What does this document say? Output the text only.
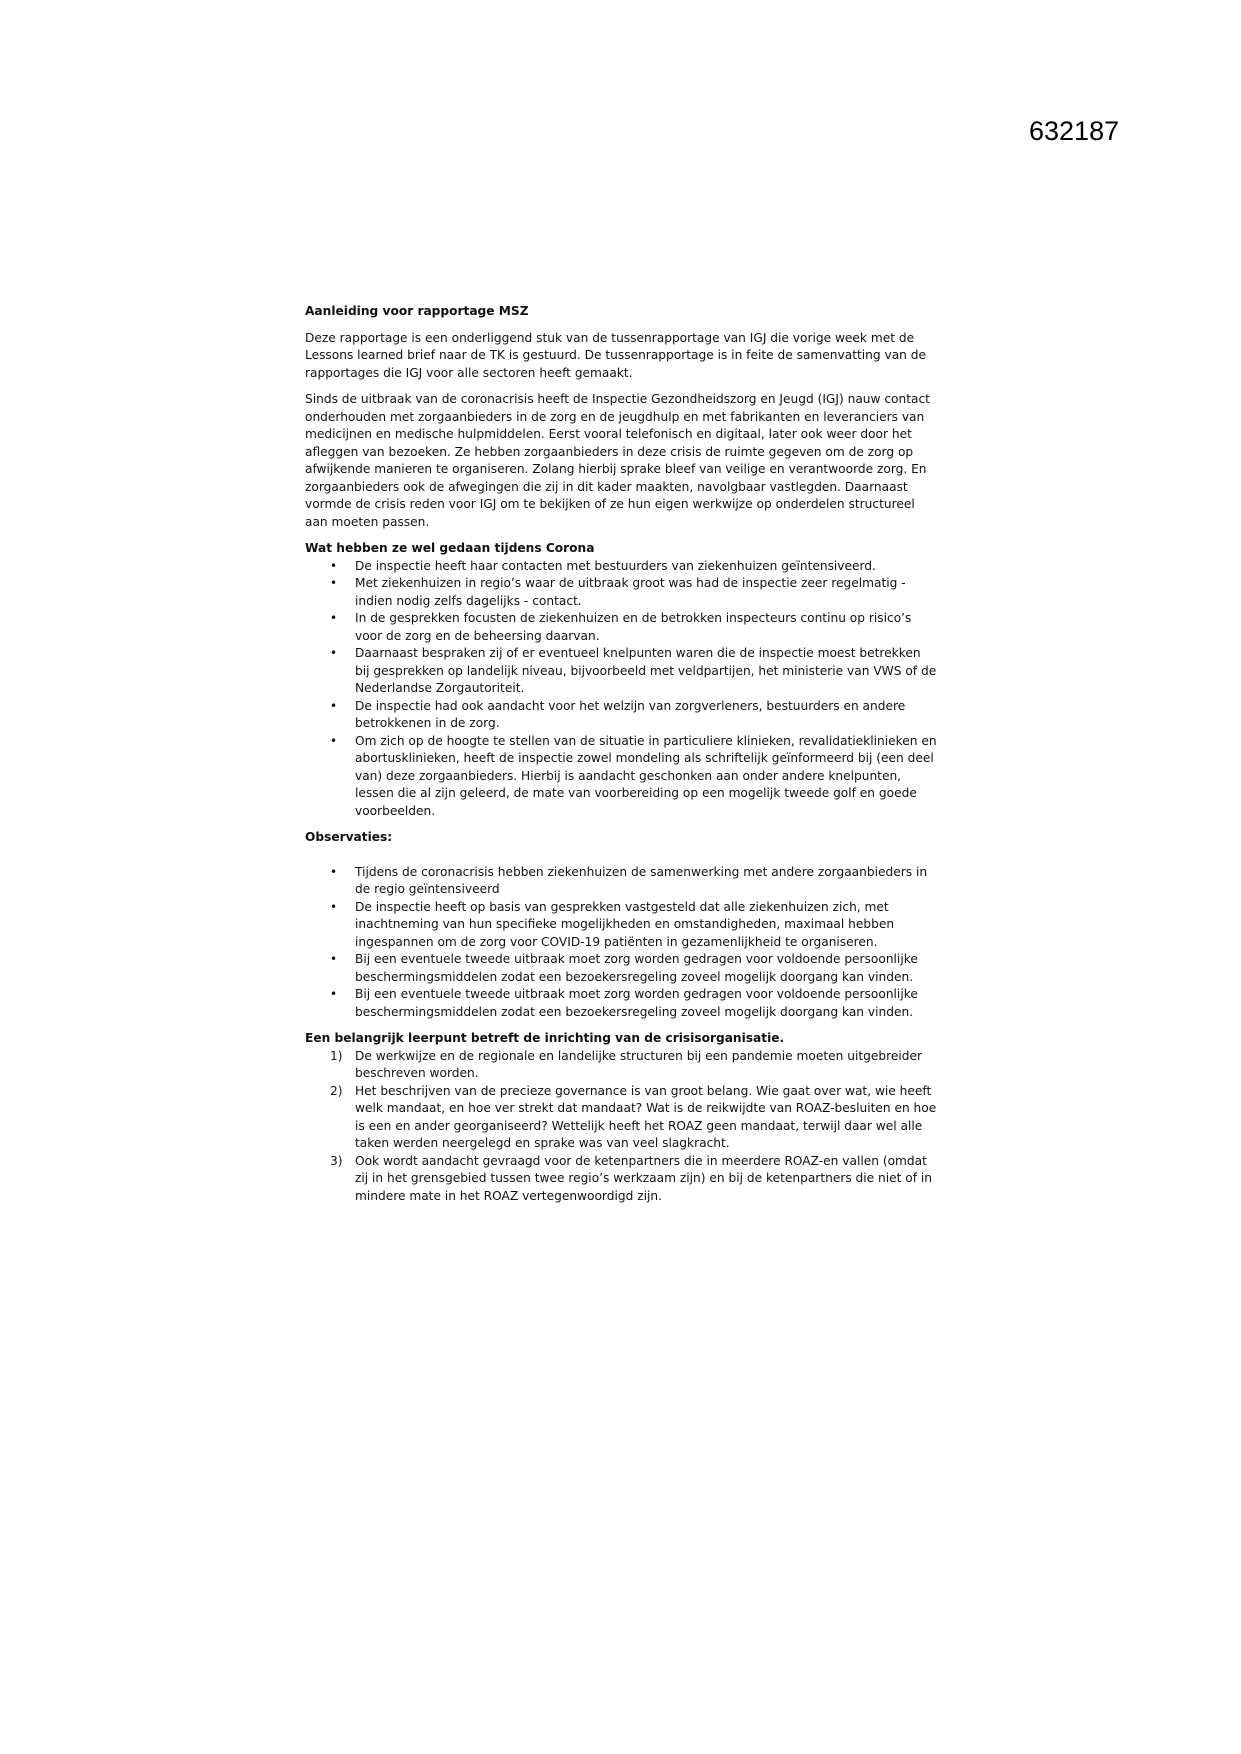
632187

Aanleiding voor rapportage MSZ

Deze rapportage is een onderliggend stuk van de tussenrapportage van IGJ die vorige week met de Lessons learned brief naar de TK is gestuurd. De tussenrapportage is in feite de samenvatting van de rapportages die IGJ voor alle sectoren heeft gemaakt.

Sinds de uitbraak van de coronacrisis heeft de Inspectie Gezondheidszorg en Jeugd (IGJ) nauw contact onderhouden met zorgaanbieders in de zorg en de jeugdhulp en met fabrikanten en leveranciers van medicijnen en medische hulpmiddelen. Eerst vooral telefonisch en digitaal, later ook weer door het afleggen van bezoeken. Ze hebben zorgaanbieders in deze crisis de ruimte gegeven om de zorg op afwijkende manieren te organiseren. Zolang hierbij sprake bleef van veilige en verantwoorde zorg. En zorgaanbieders ook de afwegingen die zij in dit kader maakten, navolgbaar vastlegden. Daarnaast vormde de crisis reden voor IGJ om te bekijken of ze hun eigen werkwijze op onderdelen structureel aan moeten passen.

Wat hebben ze wel gedaan tijdens Corona

• De inspectie heeft haar contacten met bestuurders van ziekenhuizen geïntensiveerd.
• Met ziekenhuizen in regio’s waar de uitbraak groot was had de inspectie zeer regelmatig - indien nodig zelfs dagelijks - contact.
• In de gesprekken focusten de ziekenhuizen en de betrokken inspecteurs continu op risico’s voor de zorg en de beheersing daarvan.
• Daarnaast bespraken zij of er eventueel knelpunten waren die de inspectie moest betrekken bij gesprekken op landelijk niveau, bijvoorbeeld met veldpartijen, het ministerie van VWS of de Nederlandse Zorgautoriteit.
• De inspectie had ook aandacht voor het welzijn van zorgverleners, bestuurders en andere betrokkenen in de zorg.
• Om zich op de hoogte te stellen van de situatie in particuliere klinieken, revalidatieklinieken en abortusklinieken, heeft de inspectie zowel mondeling als schriftelijk geïnformeerd bij (een deel van) deze zorgaanbieders. Hierbij is aandacht geschonken aan onder andere knelpunten, lessen die al zijn geleerd, de mate van voorbereiding op een mogelijk tweede golf en goede voorbeelden.

Observaties:

• Tijdens de coronacrisis hebben ziekenhuizen de samenwerking met andere zorgaanbieders in de regio geïntensiveerd
• De inspectie heeft op basis van gesprekken vastgesteld dat alle ziekenhuizen zich, met inachtneming van hun specifieke mogelijkheden en omstandigheden, maximaal hebben ingespannen om de zorg voor COVID-19 patiënten in gezamenlijkheid te organiseren.
• Bij een eventuele tweede uitbraak moet zorg worden gedragen voor voldoende persoonlijke beschermingsmiddelen zodat een bezoekersregeling zoveel mogelijk doorgang kan vinden.
• Bij een eventuele tweede uitbraak moet zorg worden gedragen voor voldoende persoonlijke beschermingsmiddelen zodat een bezoekersregeling zoveel mogelijk doorgang kan vinden.

Een belangrijk leerpunt betreft de inrichting van de crisisorganisatie.

1) De werkwijze en de regionale en landelijke structuren bij een pandemie moeten uitgebreider beschreven worden.
2) Het beschrijven van de precieze governance is van groot belang. Wie gaat over wat, wie heeft welk mandaat, en hoe ver strekt dat mandaat? Wat is de reikwijdte van ROAZ-besluiten en hoe is een en ander georganiseerd? Wettelijk heeft het ROAZ geen mandaat, terwijl daar wel alle taken werden neergelegd en sprake was van veel slagkracht.
3) Ook wordt aandacht gevraagd voor de ketenpartners die in meerdere ROAZ-en vallen (omdat zij in het grensgebied tussen twee regio’s werkzaam zijn) en bij de ketenpartners die niet of in mindere mate in het ROAZ vertegenwoordigd zijn.
